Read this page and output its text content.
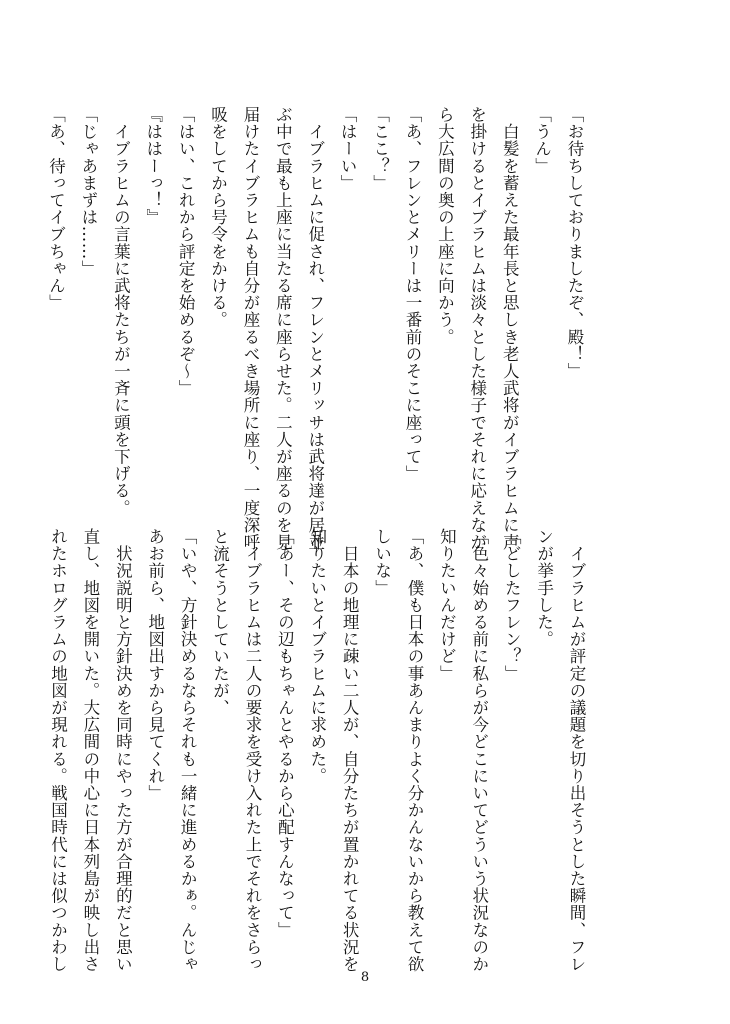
「お待ちしておりましたぞ、殿！」
「うん」
　白髪を蓄えた最年長と思しき老人武将がイブラヒムに声
を掛けるとイブラヒムは淡々とした様子でそれに応えなが
ら大広間の奥の上座に向かう。
「あ、フレンとメリーは一番前のそこに座って」
「ここ？」
「はーい」
　イブラヒムに促され、フレンとメリッサは武将達が居並
ぶ中で最も上座に当たる席に座らせた。二人が座るのを見
届けたイブラヒムも自分が座るべき場所に座り、一度深呼
吸をしてから号令をかける。
「はい、これから評定を始めるぞ～」
『ははーっ！』
　イブラヒムの言葉に武将たちが一斉に頭を下げる。
「じゃあまずは……」
「あ、待ってイブちゃん」
　イブラヒムが評定の議題を切り出そうとした瞬間、フレ
ンが挙手した。
「どしたフレン？」
「色々始める前に私らが今どこにいてどういう状況なのか
知りたいんだけど」
「あ、僕も日本の事あんまりよく分かんないから教えて欲
しいな」
　日本の地理に疎い二人が、自分たちが置かれてる状況を
知りたいとイブラヒムに求めた。
「あー、その辺もちゃんとやるから心配すんなって」
　イブラヒムは二人の要求を受け入れた上でそれをさらっ
と流そうとしていたが、
「いや、方針決めるならそれも一緒に進めるかぁ。んじゃ
あお前ら、地図出すから見てくれ」
　状況説明と方針決めを同時にやった方が合理的だと思い
直し、地図を開いた。大広間の中心に日本列島が映し出さ
れたホログラムの地図が現れる。戦国時代には似つかわし
8
